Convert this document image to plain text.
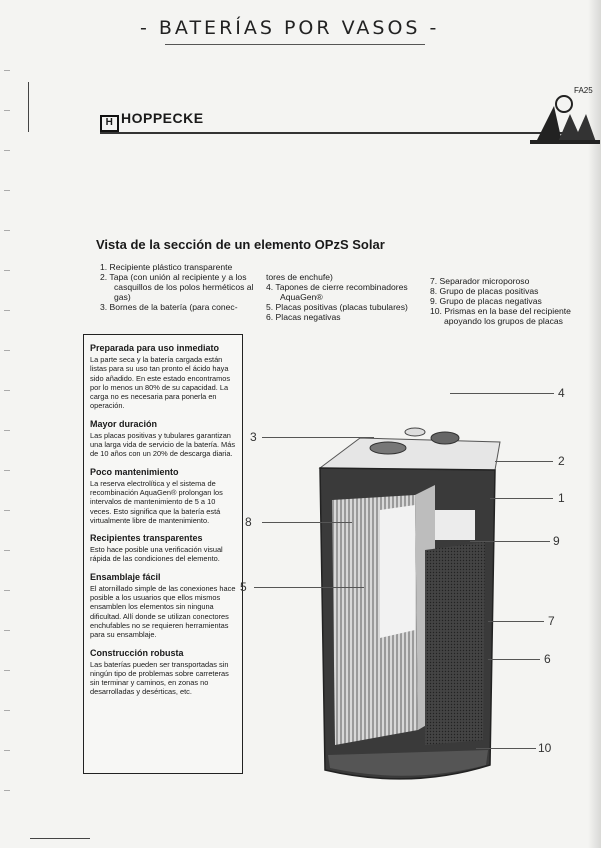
- BATERÍAS POR VASOS -
FA25
H HOPPECKE
Vista de la sección de un elemento OPzS Solar
1. Recipiente plástico transparente
2. Tapa (con unión al recipiente y a los casquillos de los polos herméticos al gas)
3. Bornes de la batería (para conec-
tores de enchufe)
4. Tapones de cierre recombinadores AquaGen®
5. Placas positivas (placas tubulares)
6. Placas negativas
7. Separador microporoso
8. Grupo de placas positivas
9. Grupo de placas negativas
10. Prismas en la base del recipiente apoyando los grupos de placas
Preparada para uso inmediato

La parte seca y la batería cargada están listas para su uso tan pronto el ácido haya sido añadido. En este estado encontramos por lo menos un 80% de su capacidad. La carga no es necesaria para ponerla en operación.

Mayor duración

Las placas positivas y tubulares garantizan una larga vida de servicio de la batería. Más de 10 años con un 20% de descarga diaria.

Poco mantenimiento

La reserva electrolítica y el sistema de recombinación AquaGen® prolongan los intervalos de mantenimiento de 5 a 10 veces. Esto significa que la batería está virtualmente libre de mantenimiento.

Recipientes transparentes

Esto hace posible una verificación visual rápida de las condiciones del elemento.

Ensamblaje fácil

El atornillado simple de las conexiones hace posible a los usuarios que ellos mismos ensamblen los elementos sin ninguna dificultad. Allí donde se utilizan conectores enchufables no se requieren herramientas para su ensamblaje.

Construcción robusta

Las baterías pueden ser transportadas sin ningún tipo de problemas sobre carreteras sin terminar y caminos, en zonas no desarrolladas y desérticas, etc.

4
3
2
1
8
9
5
7
6
10
